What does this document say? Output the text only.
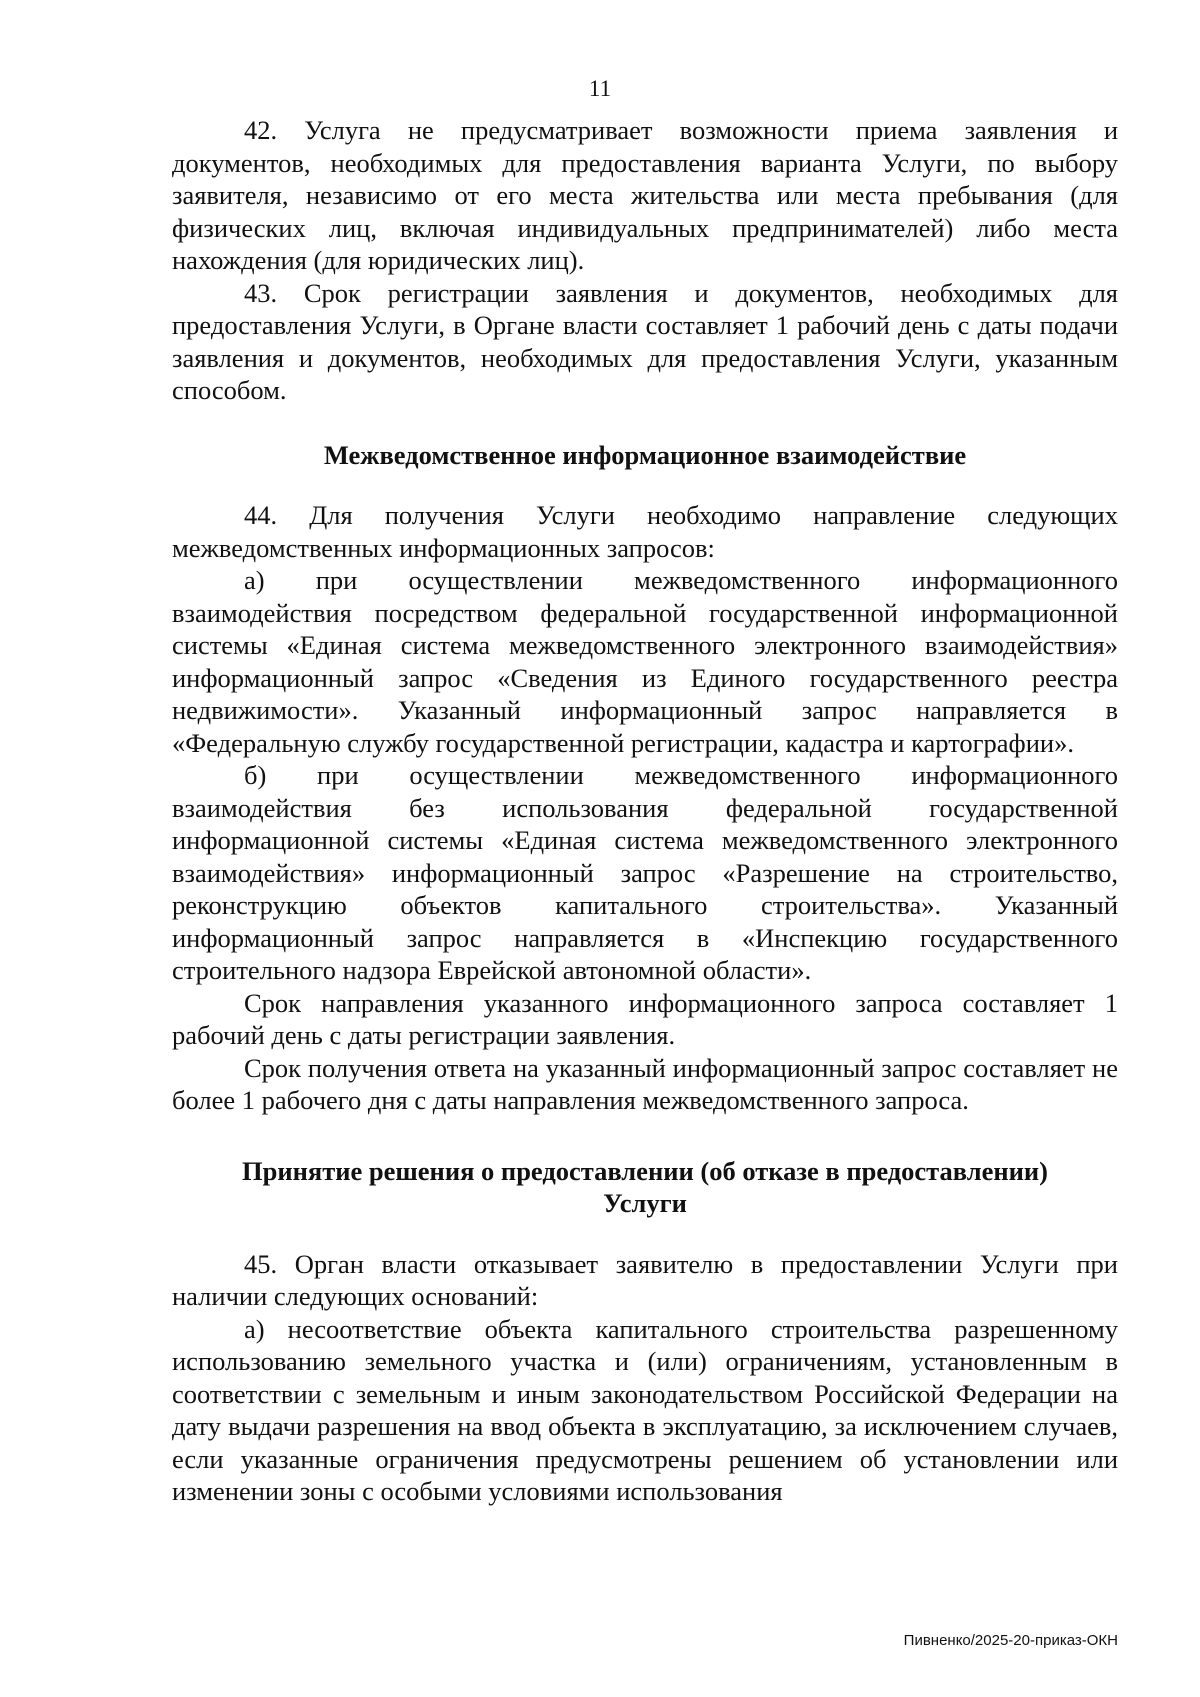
11

42. Услуга не предусматривает возможности приема заявления и документов, необходимых для предоставления варианта Услуги, по выбору заявителя, независимо от его места жительства или места пребывания (для физических лиц, включая индивидуальных предпринимателей) либо места нахождения (для юридических лиц).

43. Срок регистрации заявления и документов, необходимых для предоставления Услуги, в Органе власти составляет 1 рабочий день с даты подачи заявления и документов, необходимых для предоставления Услуги, указанным способом.

Межведомственное информационное взаимодействие

44. Для получения Услуги необходимо направление следующих межведомственных информационных запросов:

а) при осуществлении межведомственного информационного взаимодействия посредством федеральной государственной информационной системы «Единая система межведомственного электронного взаимодействия» информационный запрос «Сведения из Единого государственного реестра недвижимости». Указанный информационный запрос направляется в «Федеральную службу государственной регистрации, кадастра и картографии».

б) при осуществлении межведомственного информационного взаимодействия без использования федеральной государственной информационной системы «Единая система межведомственного электронного взаимодействия» информационный запрос «Разрешение на строительство, реконструкцию объектов капитального строительства». Указанный информационный запрос направляется в «Инспекцию государственного строительного надзора Еврейской автономной области».

Срок направления указанного информационного запроса составляет 1 рабочий день с даты регистрации заявления.

Срок получения ответа на указанный информационный запрос составляет не более 1 рабочего дня с даты направления межведомственного запроса.

Принятие решения о предоставлении (об отказе в предоставлении)
Услуги

45. Орган власти отказывает заявителю в предоставлении Услуги при наличии следующих оснований:

а) несоответствие объекта капитального строительства разрешенному использованию земельного участка и (или) ограничениям, установленным в соответствии с земельным и иным законодательством Российской Федерации на дату выдачи разрешения на ввод объекта в эксплуатацию, за исключением случаев, если указанные ограничения предусмотрены решением об установлении или изменении зоны с особыми условиями использования

Пивненко/2025-20-приказ-ОКН
